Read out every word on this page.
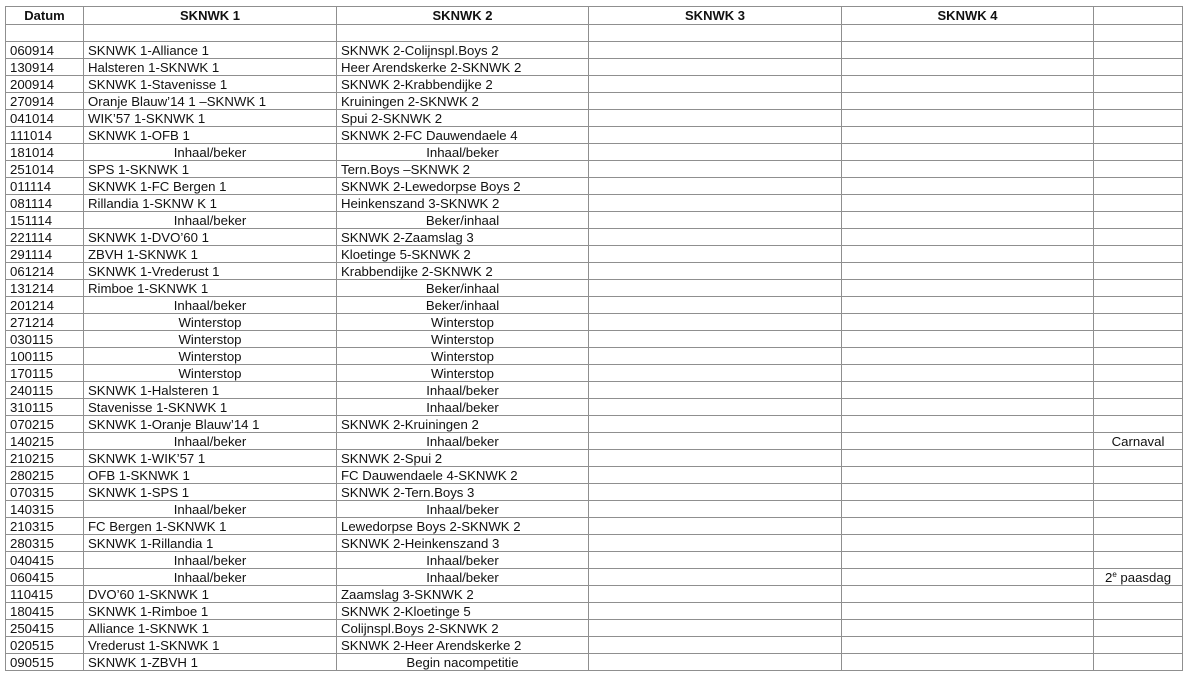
Datum	SKNWK 1	SKNWK 2	SKNWK 3	SKNWK 4	

060914	SKNWK 1-Alliance 1	SKNWK 2-Colijnspl.Boys 2			
130914	Halsteren 1-SKNWK 1	Heer Arendskerke 2-SKNWK 2			
200914	SKNWK 1-Stavenisse 1	SKNWK 2-Krabbendijke 2			
270914	Oranje Blauw’14 1 –SKNWK 1	Kruiningen 2-SKNWK 2			
041014	WIK’57 1-SKNWK 1	Spui 2-SKNWK 2			
111014	SKNWK 1-OFB 1	SKNWK 2-FC Dauwendaele 4			
181014	Inhaal/beker	Inhaal/beker			
251014	SPS 1-SKNWK 1	Tern.Boys –SKNWK 2			
011114	SKNWK 1-FC Bergen 1	SKNWK 2-Lewedorpse Boys 2			
081114	Rillandia 1-SKNW K 1	Heinkenszand 3-SKNWK 2			
151114	Inhaal/beker	Beker/inhaal			
221114	SKNWK 1-DVO’60 1	SKNWK 2-Zaamslag 3			
291114	ZBVH 1-SKNWK 1	Kloetinge 5-SKNWK 2			
061214	SKNWK 1-Vrederust 1	Krabbendijke 2-SKNWK 2			
131214	Rimboe 1-SKNWK 1	Beker/inhaal			
201214	Inhaal/beker	Beker/inhaal			
271214	Winterstop	Winterstop			
030115	Winterstop	Winterstop			
100115	Winterstop	Winterstop			
170115	Winterstop	Winterstop			
240115	SKNWK 1-Halsteren 1	Inhaal/beker			
310115	Stavenisse 1-SKNWK 1	Inhaal/beker			
070215	SKNWK 1-Oranje Blauw’14 1	SKNWK 2-Kruiningen 2			
140215	Inhaal/beker	Inhaal/beker			Carnaval
210215	SKNWK 1-WIK’57 1	SKNWK 2-Spui 2			
280215	OFB 1-SKNWK 1	FC Dauwendaele 4-SKNWK 2			
070315	SKNWK 1-SPS 1	SKNWK 2-Tern.Boys 3			
140315	Inhaal/beker	Inhaal/beker			
210315	FC Bergen 1-SKNWK 1	Lewedorpse Boys 2-SKNWK 2			
280315	SKNWK 1-Rillandia 1	SKNWK 2-Heinkenszand 3			
040415	Inhaal/beker	Inhaal/beker			
060415	Inhaal/beker	Inhaal/beker			2e paasdag
110415	DVO’60 1-SKNWK 1	Zaamslag 3-SKNWK 2			
180415	SKNWK 1-Rimboe 1	SKNWK 2-Kloetinge 5			
250415	Alliance 1-SKNWK 1	Colijnspl.Boys 2-SKNWK 2			
020515	Vrederust 1-SKNWK 1	SKNWK 2-Heer Arendskerke 2			
090515	SKNWK 1-ZBVH 1	Begin nacompetitie			
